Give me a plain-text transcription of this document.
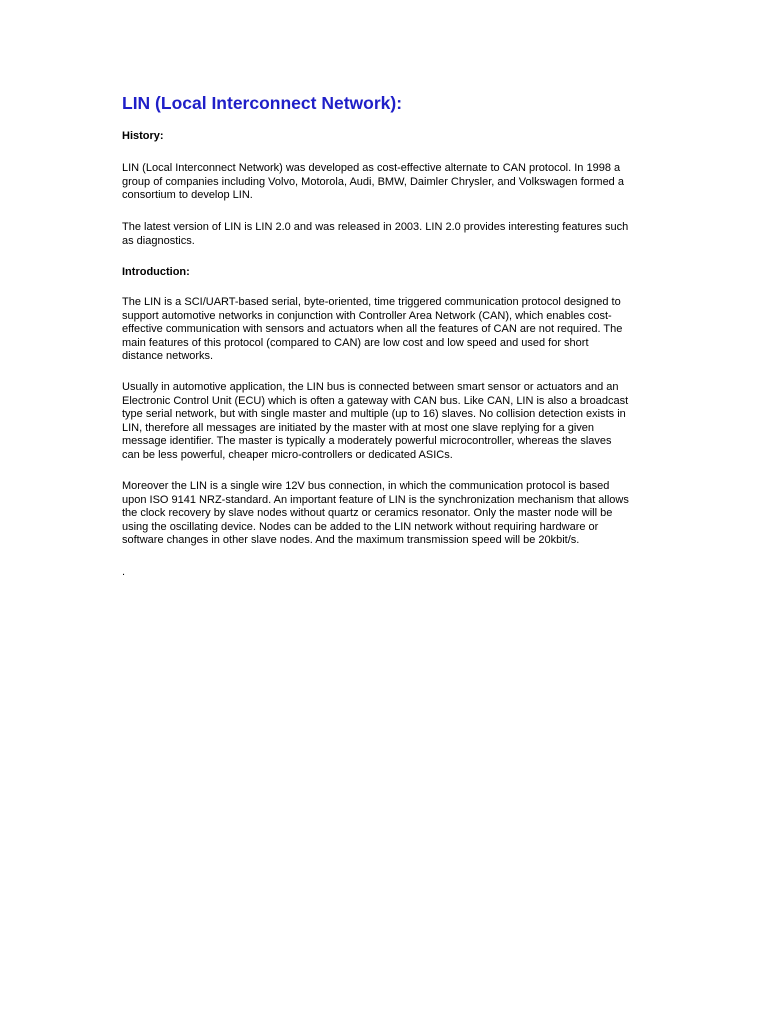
LIN (Local Interconnect Network):
History:

LIN (Local Interconnect Network) was developed as cost-effective alternate to CAN protocol. In 1998 a
group of companies including Volvo, Motorola, Audi, BMW, Daimler Chrysler, and Volkswagen formed a
consortium to develop LIN.

The latest version of LIN is LIN 2.0 and was released in 2003. LIN 2.0 provides interesting features such
as diagnostics.

Introduction:

The LIN is a SCI/UART-based serial, byte-oriented, time triggered communication protocol designed to
support automotive networks in conjunction with Controller Area Network (CAN), which enables cost-
effective communication with sensors and actuators when all the features of CAN are not required. The
main features of this protocol (compared to CAN) are low cost and low speed and used for short
distance networks.

Usually in automotive application, the LIN bus is connected between smart sensor or actuators and an
Electronic Control Unit (ECU) which is often a gateway with CAN bus. Like CAN, LIN is also a broadcast
type serial network, but with single master and multiple (up to 16) slaves. No collision detection exists in
LIN, therefore all messages are initiated by the master with at most one slave replying for a given
message identifier. The master is typically a moderately powerful microcontroller, whereas the slaves
can be less powerful, cheaper micro-controllers or dedicated ASICs.

Moreover the LIN is a single wire 12V bus connection, in which the communication protocol is based
upon ISO 9141 NRZ-standard. An important feature of LIN is the synchronization mechanism that allows
the clock recovery by slave nodes without quartz or ceramics resonator. Only the master node will be
using the oscillating device. Nodes can be added to the LIN network without requiring hardware or
software changes in other slave nodes. And the maximum transmission speed will be 20kbit/s.

.
